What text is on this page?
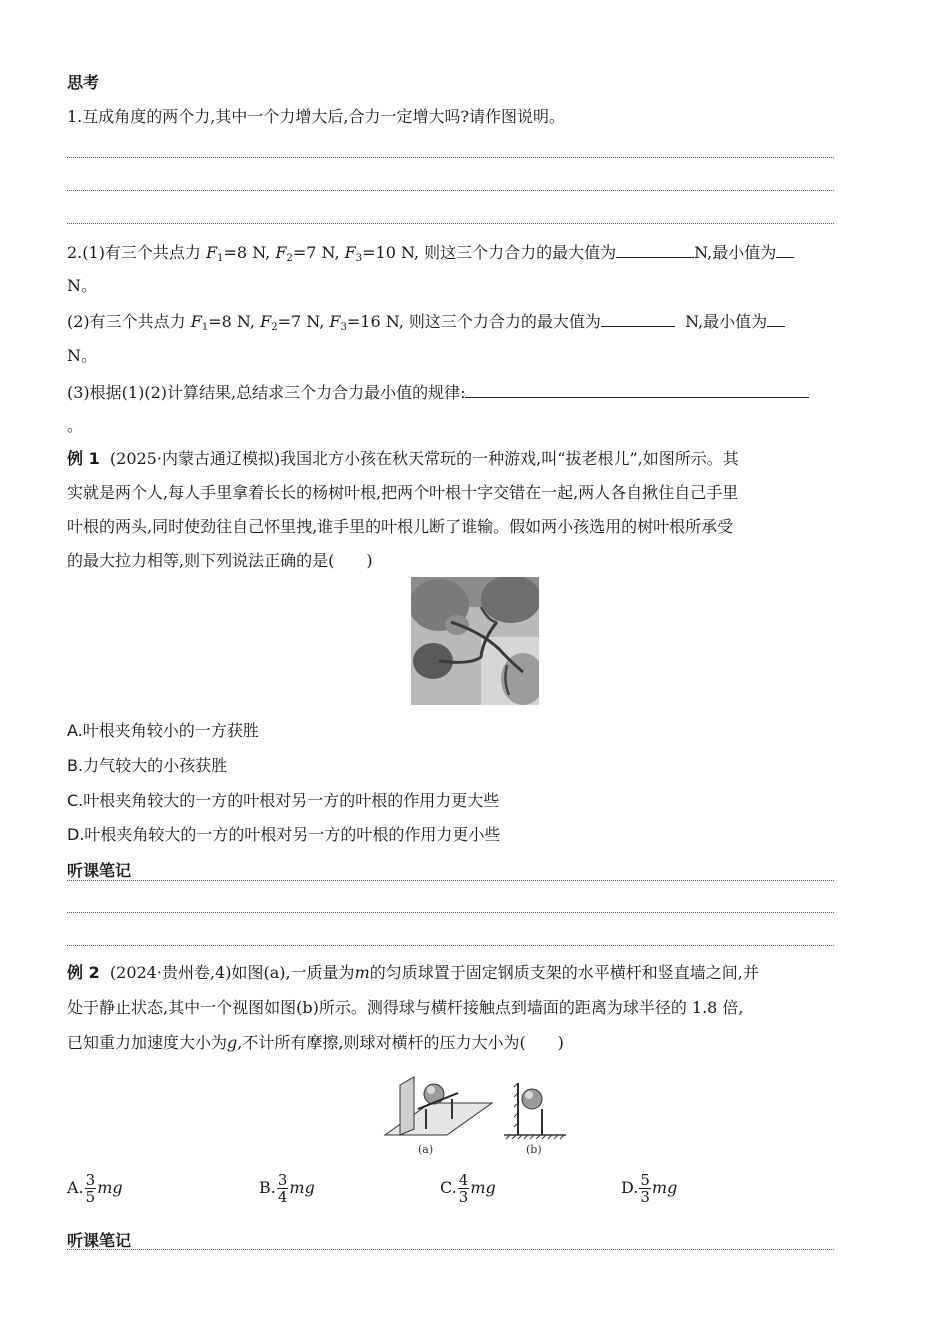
思考
1.互成角度的两个力,其中一个力增大后,合力一定增大吗?请作图说明。
2.(1)有三个共点力 $F_1=8$ N, $F_2=7$ N, $F_3=10$ N, 则这三个力合力的最大值为	N,最小值为
N。
(2)有三个共点力 $F_1=8$ N, $F_2=7$ N, $F_3=16$ N, 则这三个力合力的最大值为	N,最小值为
N。
(3)根据(1)(2)计算结果,总结求三个力合力最小值的规律:
。
例 1 (2025·内蒙古通辽模拟)我国北方小孩在秋天常玩的一种游戏,叫“拔老根儿”,如图所示。其
实就是两个人,每人手里拿着长长的杨树叶根,把两个叶根十字交错在一起,两人各自揪住自己手里
叶根的两头,同时使劲往自己怀里拽,谁手里的叶根儿断了谁输。假如两小孩选用的树叶根所承受
的最大拉力相等,则下列说法正确的是(　　)
A.叶根夹角较小的一方获胜
B.力气较大的小孩获胜
C.叶根夹角较大的一方的叶根对另一方的叶根的作用力更大些
D.叶根夹角较大的一方的叶根对另一方的叶根的作用力更小些
听课笔记
例 2 (2024·贵州卷,4)如图(a),一质量为m的匀质球置于固定钢质支架的水平横杆和竖直墙之间,并
处于静止状态,其中一个视图如图(b)所示。测得球与横杆接触点到墙面的距离为球半径的 1.8 倍,
已知重力加速度大小为g,不计所有摩擦,则球对横杆的压力大小为(　　)
(a)	(b)
A. $\frac{3}{5}$ mg	B. $\frac{3}{4}$ mg	C. $\frac{4}{3}$ mg	D. $\frac{5}{3}$ mg
听课笔记
